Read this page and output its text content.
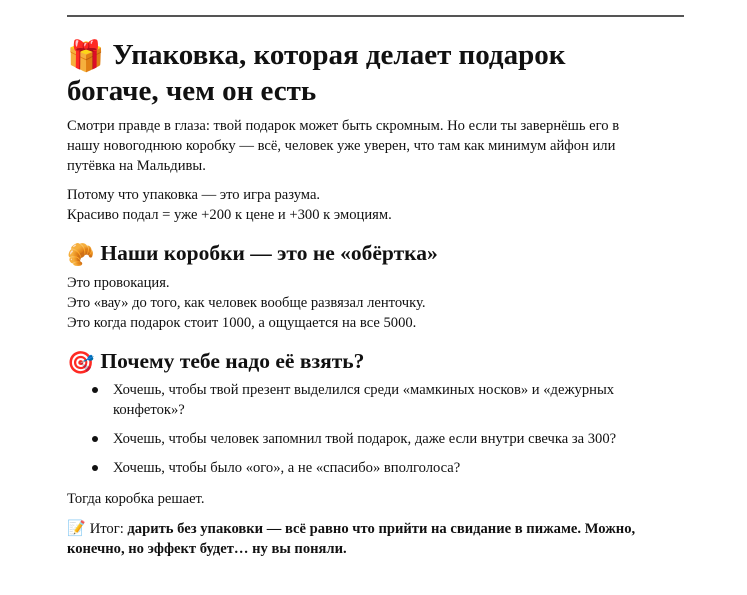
🎁 Упаковка, которая делает подарок
богаче, чем он есть

Смотри правде в глаза: твой подарок может быть скромным. Но если ты завернёшь его в
нашу новогоднюю коробку — всё, человек уже уверен, что там как минимум айфон или
путёвка на Мальдивы.

Потому что упаковка — это игра разума.
Красиво подал = уже +200 к цене и +300 к эмоциям.

🥐 Наши коробки — это не «обёртка»

Это провокация.
Это «вау» до того, как человек вообще развязал ленточку.
Это когда подарок стоит 1000, а ощущается на все 5000.

🎯 Почему тебе надо её взять?
Хочешь, чтобы твой презент выделился среди «мамкиных носков» и «дежурных
конфеток»?
Хочешь, чтобы человек запомнил твой подарок, даже если внутри свечка за 300?
Хочешь, чтобы было «ого», а не «спасибо» вполголоса?

Тогда коробка решает.

📝 Итог: дарить без упаковки — всё равно что прийти на свидание в пижаме. Можно,
конечно, но эффект будет… ну вы поняли.
